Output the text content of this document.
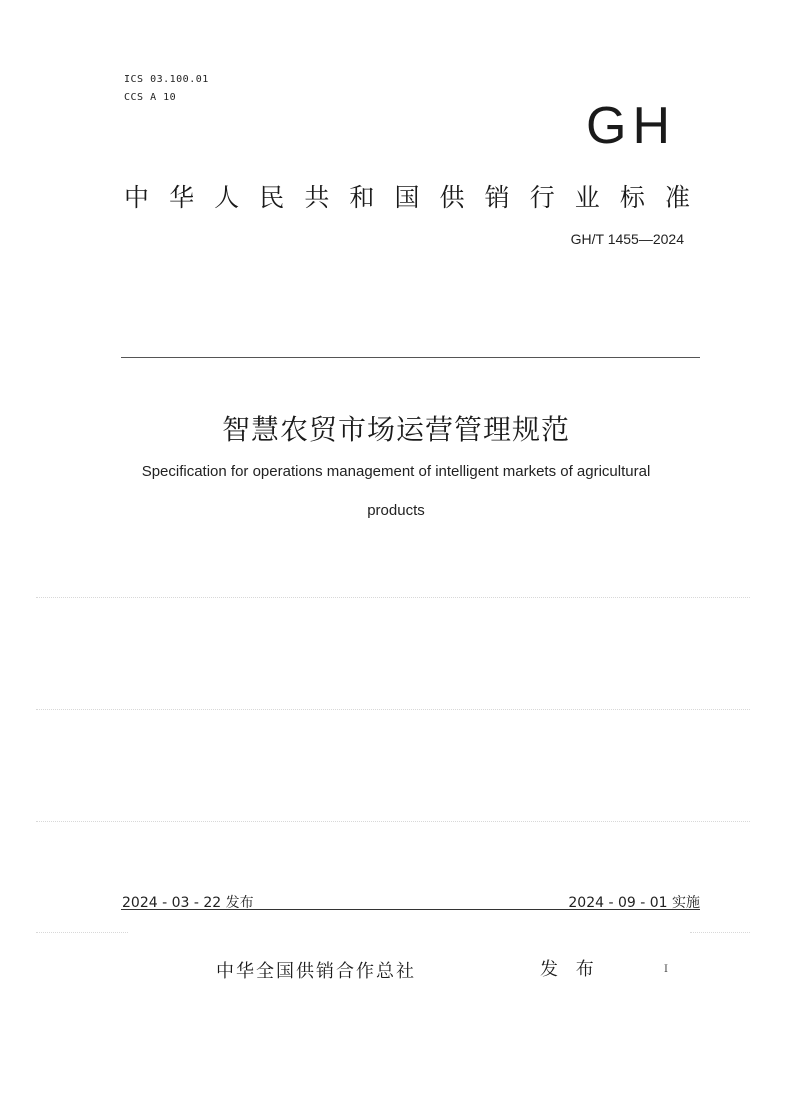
ICS 03.100.01
CCS A 10	GH
中 华 人 民 共 和 国 供 销 行 业 标 准
GH/T 1455—2024
智慧农贸市场运营管理规范
Specification for operations management of intelligent markets of agricultural
products
2024 - 03 - 22 发布	2024 - 09 - 01 实施
中华全国供销合作总社	发 布	I
